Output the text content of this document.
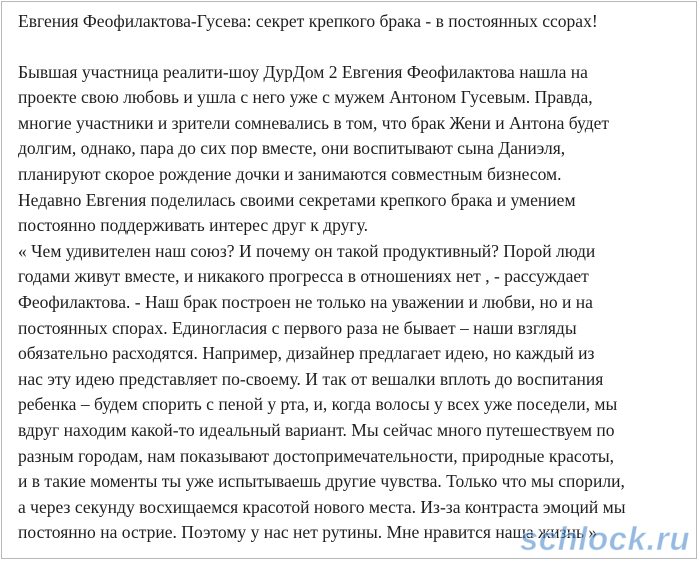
Евгения Феофилактова-Гусева: секрет крепкого брака - в постоянных ссорах!
Бывшая участница реалити-шоу ДурДом 2 Евгения Феофилактова нашла на
проекте свою любовь и ушла с него уже с мужем Антоном Гусевым. Правда,
многие участники и зрители сомневались в том, что брак Жени и Антона будет
долгим, однако, пара до сих пор вместе, они воспитывают сына Даниэля,
планируют скорое рождение дочки и занимаются совместным бизнесом.
Недавно Евгения поделилась своими секретами крепкого брака и умением
постоянно поддерживать интерес друг к другу.
« Чем удивителен наш союз? И почему он такой продуктивный? Порой люди
годами живут вместе, и никакого прогресса в отношениях нет , - рассуждает
Феофилактова. - Наш брак построен не только на уважении и любви, но и на
постоянных спорах. Единогласия с первого раза не бывает – наши взгляды
обязательно расходятся. Например, дизайнер предлагает идею, но каждый из
нас эту идею представляет по-своему. И так от вешалки вплоть до воспитания
ребенка – будем спорить с пеной у рта, и, когда волосы у всех уже поседели, мы
вдруг находим какой-то идеальный вариант. Мы сейчас много путешествуем по
разным городам, нам показывают достопримечательности, природные красоты,
и в такие моменты ты уже испытываешь другие чувства. Только что мы спорили,
а через секунду восхищаемся красотой нового места. Из-за контраста эмоций мы
постоянно на острие. Поэтому у нас нет рутины. Мне нравится наша жизнь »
schlock.ru
